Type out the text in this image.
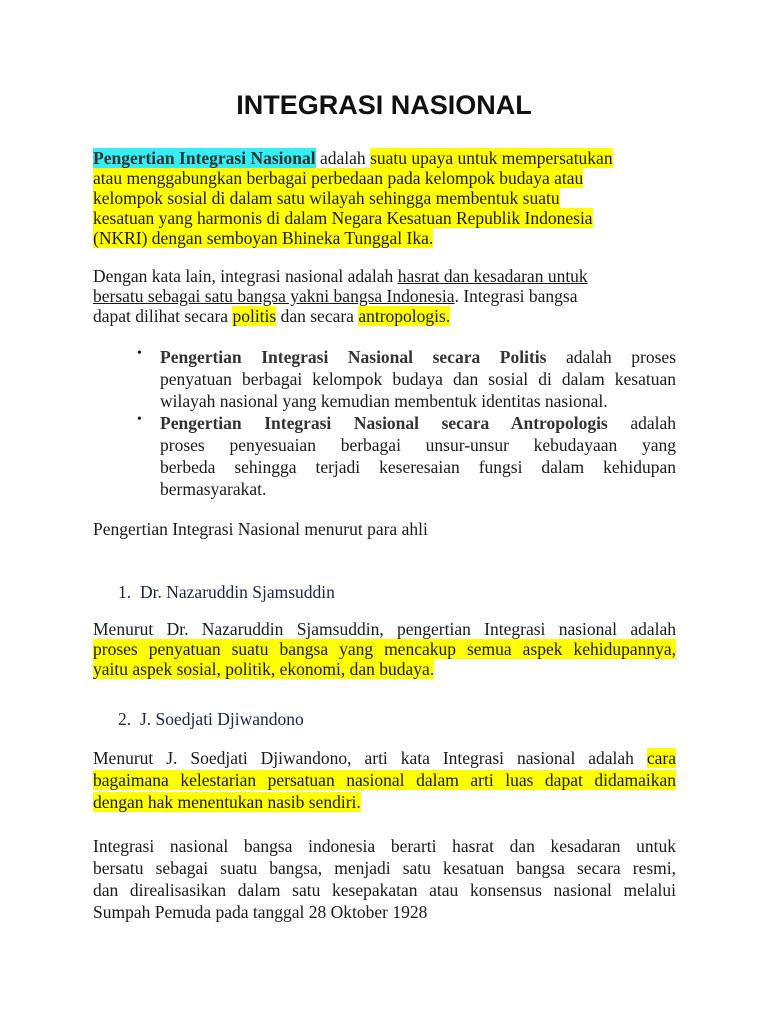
INTEGRASI NASIONAL
Pengertian Integrasi Nasional adalah suatu upaya untuk mempersatukan
atau menggabungkan berbagai perbedaan pada kelompok budaya atau
kelompok sosial di dalam satu wilayah sehingga membentuk suatu
kesatuan yang harmonis di dalam Negara Kesatuan Republik Indonesia
(NKRI) dengan semboyan Bhineka Tunggal Ika.
Dengan kata lain, integrasi nasional adalah hasrat dan kesadaran untuk
bersatu sebagai satu bangsa yakni bangsa Indonesia. Integrasi bangsa
dapat dilihat secara politis dan secara antropologis.
•
•
Pengertian Integrasi Nasional secara Politis adalah proses
penyatuan berbagai kelompok budaya dan sosial di dalam kesatuan
wilayah nasional yang kemudian membentuk identitas nasional.
Pengertian Integrasi Nasional secara Antropologis adalah
proses penyesuaian berbagai unsur-unsur kebudayaan yang
berbeda sehingga terjadi keseresaian fungsi dalam kehidupan
bermasyarakat.
Pengertian Integrasi Nasional menurut para ahli
1. Dr. Nazaruddin Sjamsuddin
Menurut Dr. Nazaruddin Sjamsuddin, pengertian Integrasi nasional adalah
proses penyatuan suatu bangsa yang mencakup semua aspek kehidupannya,
yaitu aspek sosial, politik, ekonomi, dan budaya.
2. J. Soedjati Djiwandono
Menurut J. Soedjati Djiwandono, arti kata Integrasi nasional adalah cara
bagaimana kelestarian persatuan nasional dalam arti luas dapat didamaikan
dengan hak menentukan nasib sendiri.
Integrasi nasional bangsa indonesia berarti hasrat dan kesadaran untuk
bersatu sebagai suatu bangsa, menjadi satu kesatuan bangsa secara resmi,
dan direalisasikan dalam satu kesepakatan atau konsensus nasional melalui
Sumpah Pemuda pada tanggal 28 Oktober 1928
